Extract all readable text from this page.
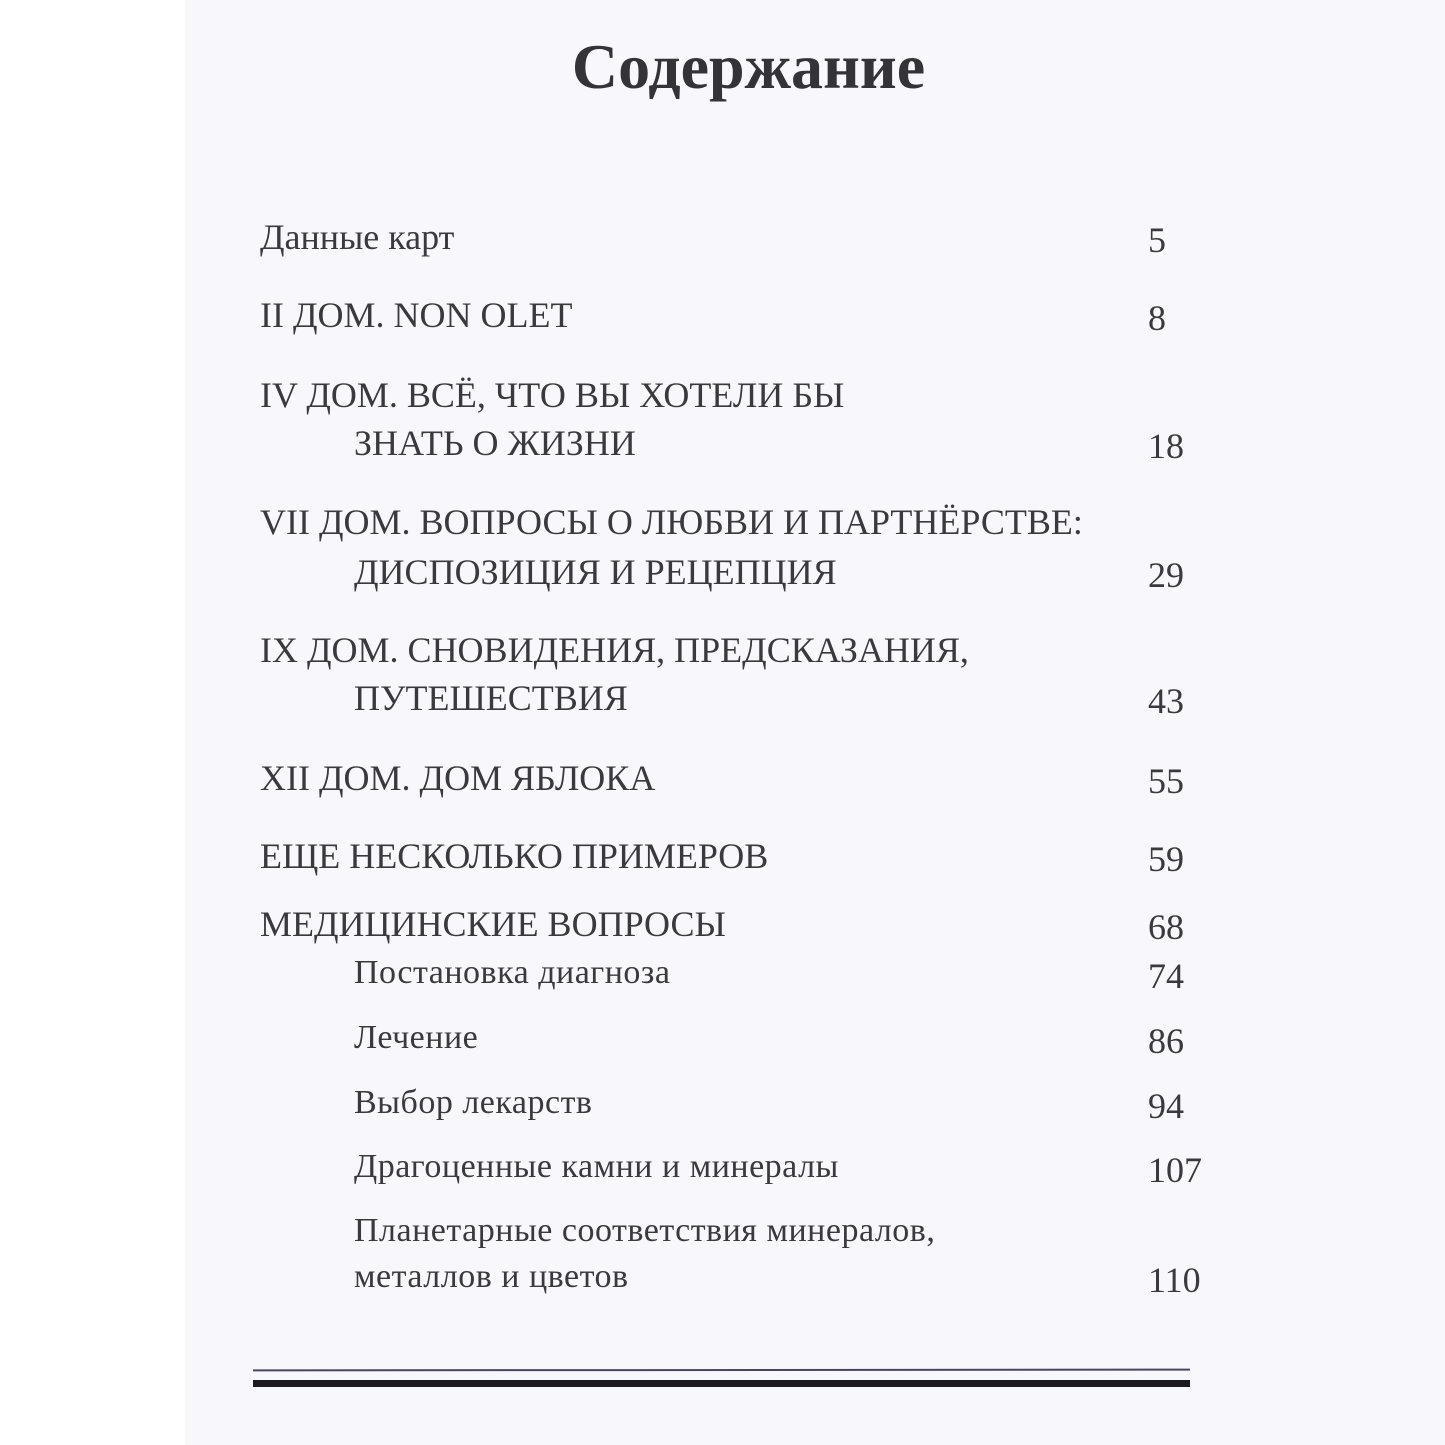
Содержание
Данные карт	5
II ДОМ. NON OLET	8
IV ДОМ. ВСЁ, ЧТО ВЫ ХОТЕЛИ БЫ
ЗНАТЬ О ЖИЗНИ	18
VII ДОМ. ВОПРОСЫ О ЛЮБВИ И ПАРТНЁРСТВЕ:
ДИСПОЗИЦИЯ И РЕЦЕПЦИЯ	29
IX ДОМ. СНОВИДЕНИЯ, ПРЕДСКАЗАНИЯ,
ПУТЕШЕСТВИЯ	43
XII ДОМ. ДОМ ЯБЛОКА	55
ЕЩЕ НЕСКОЛЬКО ПРИМЕРОВ	59
МЕДИЦИНСКИЕ ВОПРОСЫ	68
Постановка диагноза	74
Лечение	86
Выбор лекарств	94
Драгоценные камни и минералы	107
Планетарные соответствия минералов,
металлов и цветов	110
